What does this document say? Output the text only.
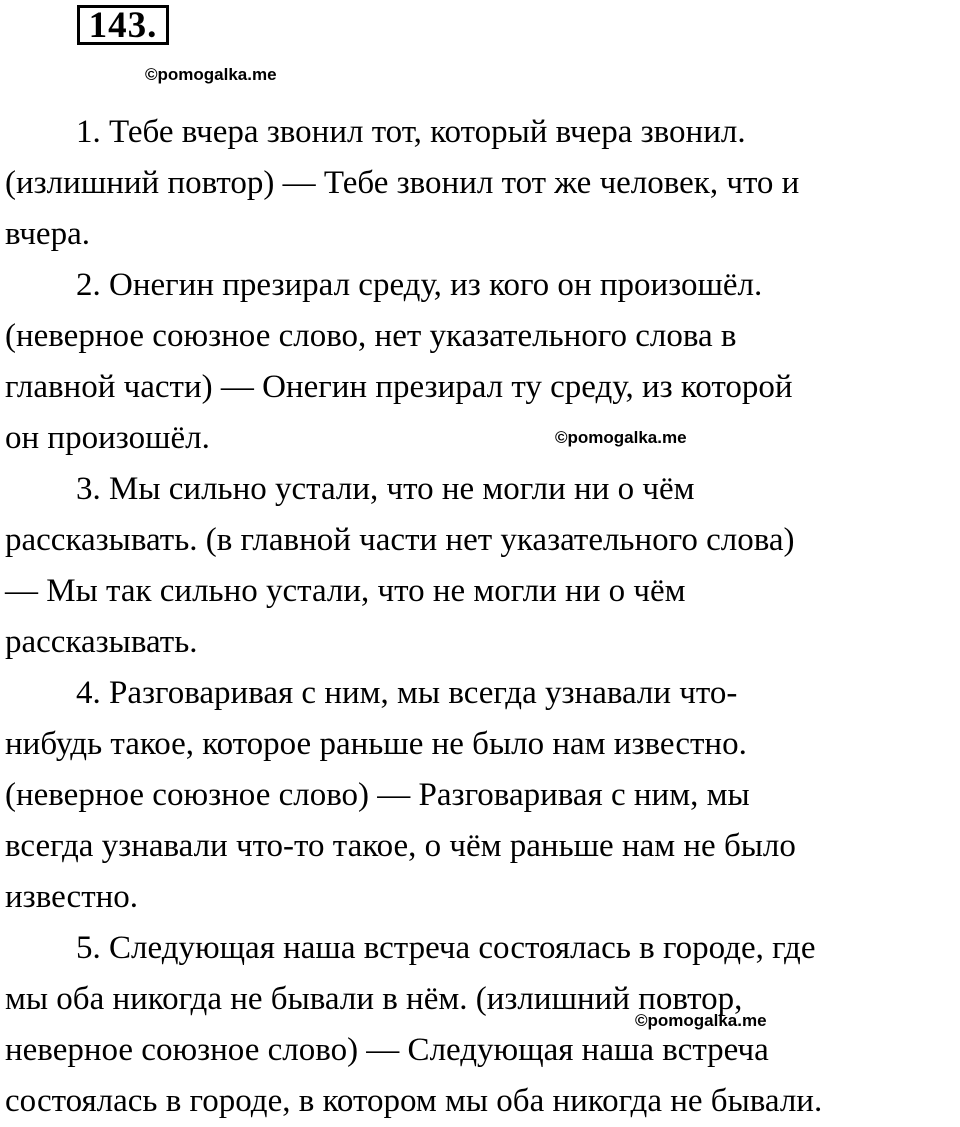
143.
©pomogalka.me
©pomogalka.me
©pomogalka.me
1. Тебе вчера звонил тот, который вчера звонил.
(излишний повтор) — Тебе звонил тот же человек, что и
вчера.
2. Онегин презирал среду, из кого он произошёл.
(неверное союзное слово, нет указательного слова в
главной части) — Онегин презирал ту среду, из которой
он произошёл.
3. Мы сильно устали, что не могли ни о чём
рассказывать. (в главной части нет указательного слова)
— Мы так сильно устали, что не могли ни о чём
рассказывать.
4. Разговаривая с ним, мы всегда узнавали что-
нибудь такое, которое раньше не было нам известно.
(неверное союзное слово) — Разговаривая с ним, мы
всегда узнавали что-то такое, о чём раньше нам не было
известно.
5. Следующая наша встреча состоялась в городе, где
мы оба никогда не бывали в нём. (излишний повтор,
неверное союзное слово) — Следующая наша встреча
состоялась в городе, в котором мы оба никогда не бывали.
